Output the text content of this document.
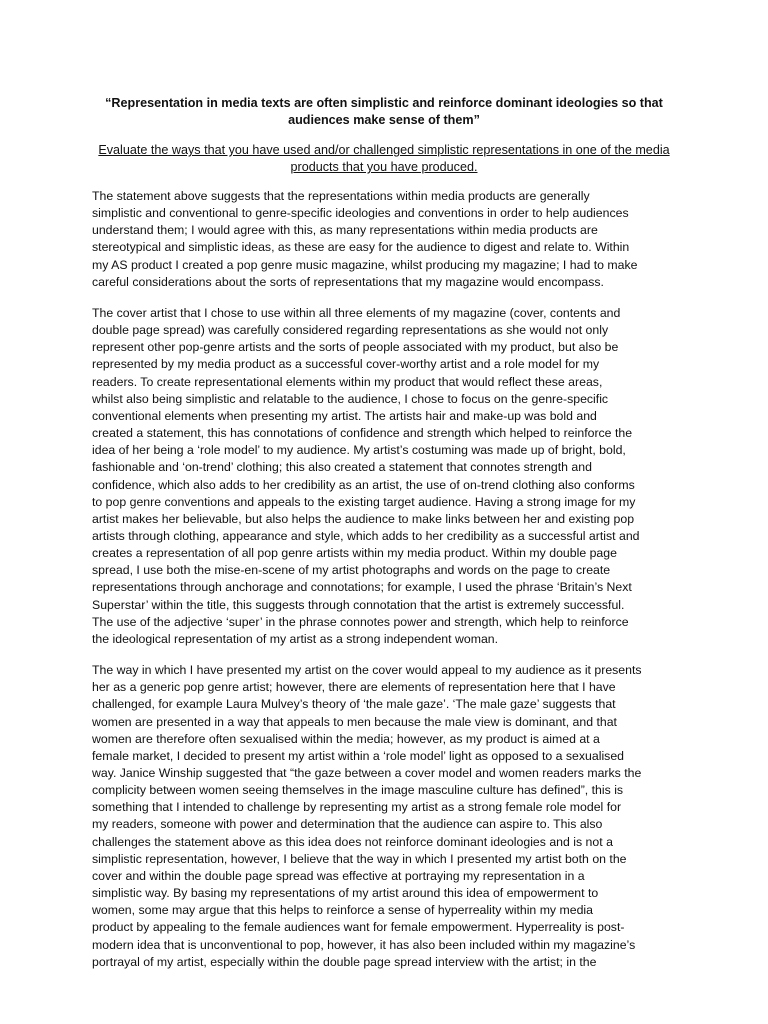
“Representation in media texts are often simplistic and reinforce dominant ideologies so that audiences make sense of them”
Evaluate the ways that you have used and/or challenged simplistic representations in one of the media products that you have produced.

The statement above suggests that the representations within media products are generally
simplistic and conventional to genre-specific ideologies and conventions in order to help audiences
understand them; I would agree with this, as many representations within media products are
stereotypical and simplistic ideas, as these are easy for the audience to digest and relate to. Within
my AS product I created a pop genre music magazine, whilst producing my magazine; I had to make
careful considerations about the sorts of representations that my magazine would encompass.

The cover artist that I chose to use within all three elements of my magazine (cover, contents and
double page spread) was carefully considered regarding representations as she would not only
represent other pop-genre artists and the sorts of people associated with my product, but also be
represented by my media product as a successful cover-worthy artist and a role model for my
readers. To create representational elements within my product that would reflect these areas,
whilst also being simplistic and relatable to the audience, I chose to focus on the genre-specific
conventional elements when presenting my artist. The artists hair and make-up was bold and
created a statement, this has connotations of confidence and strength which helped to reinforce the
idea of her being a ‘role model’ to my audience. My artist’s costuming was made up of bright, bold,
fashionable and ‘on-trend’ clothing; this also created a statement that connotes strength and
confidence, which also adds to her credibility as an artist, the use of on-trend clothing also conforms
to pop genre conventions and appeals to the existing target audience. Having a strong image for my
artist makes her believable, but also helps the audience to make links between her and existing pop
artists through clothing, appearance and style, which adds to her credibility as a successful artist and
creates a representation of all pop genre artists within my media product. Within my double page
spread, I use both the mise-en-scene of my artist photographs and words on the page to create
representations through anchorage and connotations; for example, I used the phrase ‘Britain’s Next
Superstar’ within the title, this suggests through connotation that the artist is extremely successful.
The use of the adjective ‘super’ in the phrase connotes power and strength, which help to reinforce
the ideological representation of my artist as a strong independent woman.

The way in which I have presented my artist on the cover would appeal to my audience as it presents
her as a generic pop genre artist; however, there are elements of representation here that I have
challenged, for example Laura Mulvey’s theory of ‘the male gaze’. ‘The male gaze’ suggests that
women are presented in a way that appeals to men because the male view is dominant, and that
women are therefore often sexualised within the media; however, as my product is aimed at a
female market, I decided to present my artist within a ‘role model’ light as opposed to a sexualised
way. Janice Winship suggested that “the gaze between a cover model and women readers marks the
complicity between women seeing themselves in the image masculine culture has defined”, this is
something that I intended to challenge by representing my artist as a strong female role model for
my readers, someone with power and determination that the audience can aspire to. This also
challenges the statement above as this idea does not reinforce dominant ideologies and is not a
simplistic representation, however, I believe that the way in which I presented my artist both on the
cover and within the double page spread was effective at portraying my representation in a
simplistic way. By basing my representations of my artist around this idea of empowerment to
women, some may argue that this helps to reinforce a sense of hyperreality within my media
product by appealing to the female audiences want for female empowerment. Hyperreality is post-
modern idea that is unconventional to pop, however, it has also been included within my magazine’s
portrayal of my artist, especially within the double page spread interview with the artist; in the
